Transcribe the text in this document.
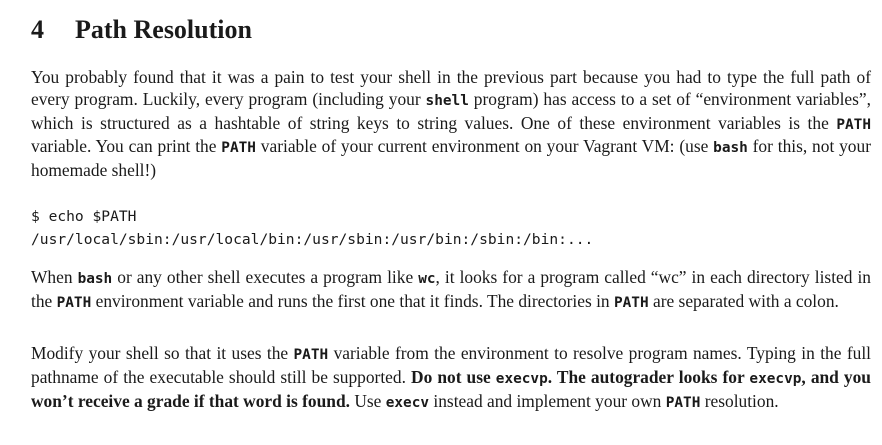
4 Path Resolution

You probably found that it was a pain to test your shell in the previous part because you had to type the full path of every program. Luckily, every program (including your shell program) has access to a set of “environment variables”, which is structured as a hashtable of string keys to string values. One of these environment variables is the PATH variable. You can print the PATH variable of your current environment on your Vagrant VM: (use bash for this, not your homemade shell!)

$ echo $PATH
/usr/local/sbin:/usr/local/bin:/usr/sbin:/usr/bin:/sbin:/bin:...

When bash or any other shell executes a program like wc, it looks for a program called “wc” in each directory listed in the PATH environment variable and runs the first one that it finds. The directories in PATH are separated with a colon.

Modify your shell so that it uses the PATH variable from the environment to resolve program names. Typing in the full pathname of the executable should still be supported. Do not use execvp. The autograder looks for execvp, and you won’t receive a grade if that word is found. Use execv instead and implement your own PATH resolution.
